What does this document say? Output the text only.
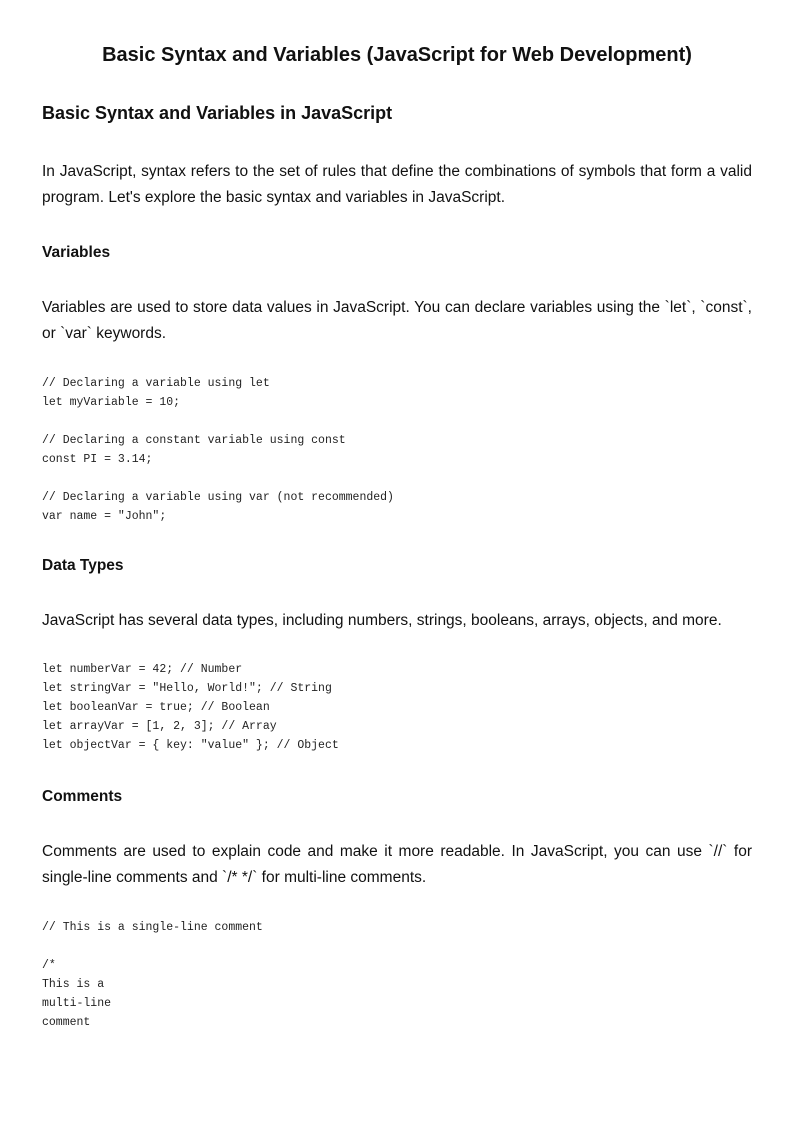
Basic Syntax and Variables (JavaScript for Web Development)
Basic Syntax and Variables in JavaScript

In JavaScript, syntax refers to the set of rules that define the combinations of symbols that form a valid program. Let's explore the basic syntax and variables in JavaScript.

Variables

Variables are used to store data values in JavaScript. You can declare variables using the `let`, `const`, or `var` keywords.

// Declaring a variable using let
let myVariable = 10;
// Declaring a constant variable using const
const PI = 3.14;
// Declaring a variable using var (not recommended)
var name = "John";
Data Types

JavaScript has several data types, including numbers, strings, booleans, arrays, objects, and more.

let numberVar = 42; // Number
let stringVar = "Hello, World!"; // String
let booleanVar = true; // Boolean
let arrayVar = [1, 2, 3]; // Array
let objectVar = { key: "value" }; // Object
Comments

Comments are used to explain code and make it more readable. In JavaScript, you can use `//` for single-line comments and `/* */` for multi-line comments.

// This is a single-line comment
/*
This is a
multi-line
comment
